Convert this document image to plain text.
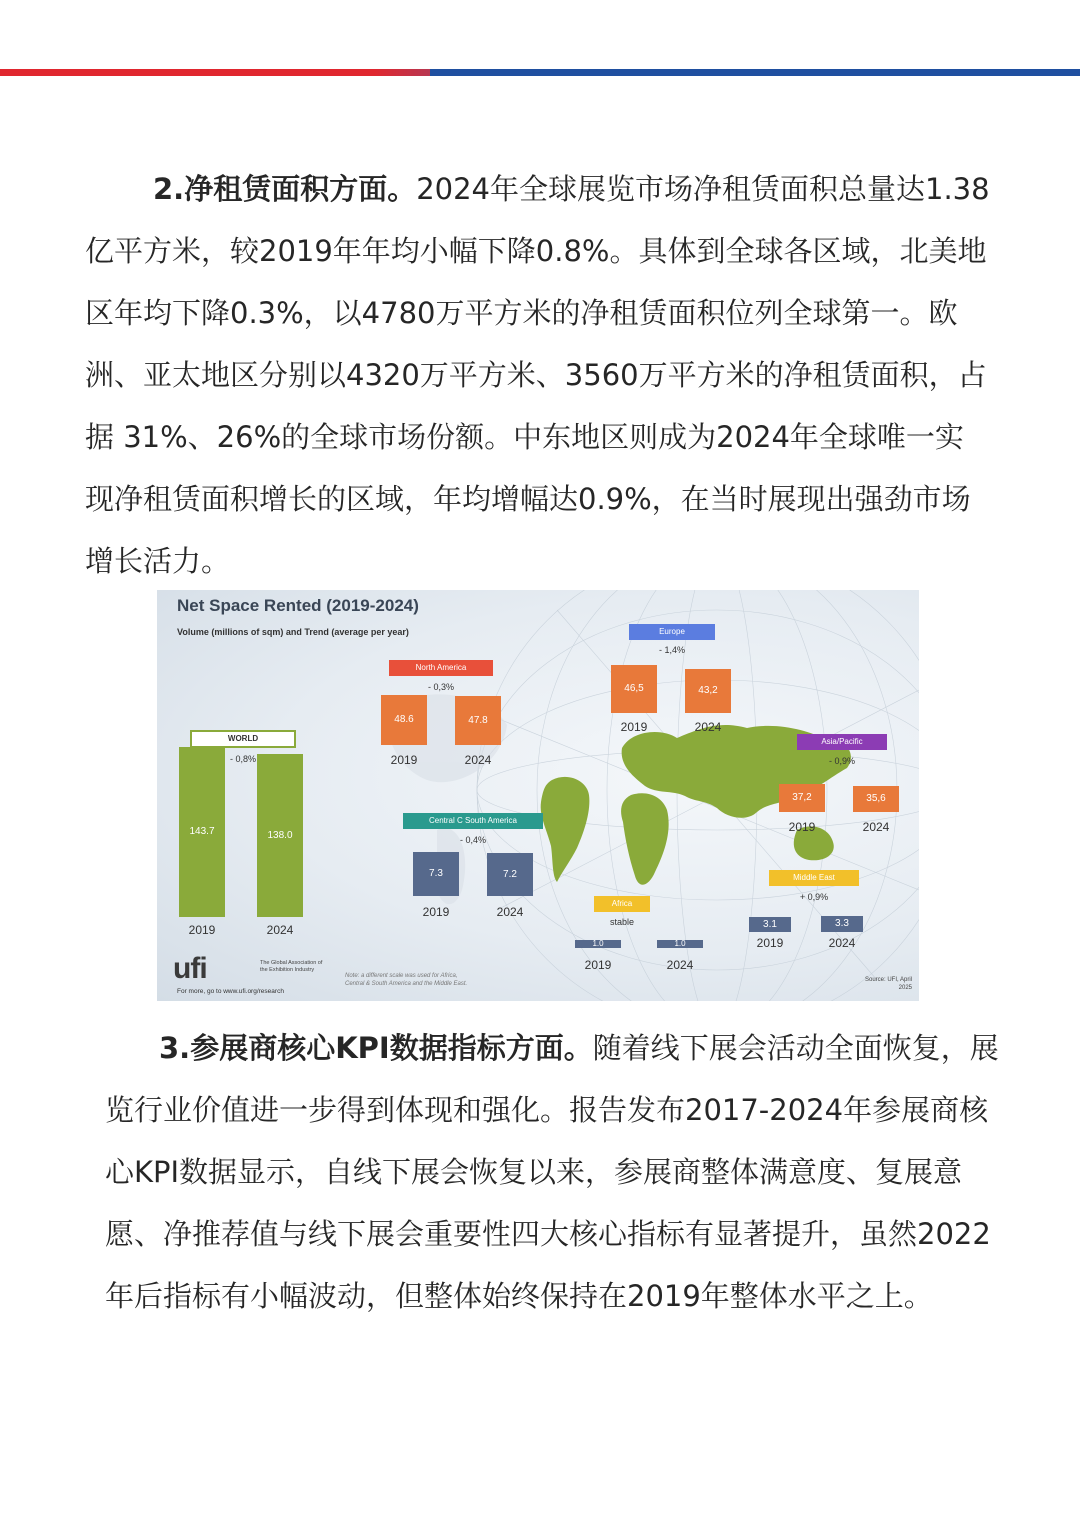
2.净租赁面积方面。2024年全球展览市场净租赁面积总量达1.38亿平方米，较2019年年均小幅下降0.8%。具体到全球各区域，北美地区年均下降0.3%，以4780万平方米的净租赁面积位列全球第一。欧洲、亚太地区分别以4320万平方米、3560万平方米的净租赁面积，占据 31%、26%的全球市场份额。中东地区则成为2024年全球唯一实现净租赁面积增长的区域，年均增幅达0.9%，在当时展现出强劲市场增长活力。

Net Space Rented (2019-2024)
Volume (millions of sqm) and Trend (average per year)
WORLD
- 0,8%
143.7
2019
138.0
2024
North America
- 0,3%
48.6
2019
47.8
2024
Europe
- 1,4%
46,5
2019
43,2
2024
Asia/Pacific
- 0,9%
37,2
2019
35,6
2024
Central C South America
- 0,4%
7.3
2019
7.2
2024
Middle East
+ 0,9%
3.1
2019
3.3
2024
Africa
stable
1.0
2019
1.0
2024
ufi	The Global Association of the Exhibition Industry
For more, go to www.ufi.org/research
Note: a different scale was used for Africa, Central & South America and the Middle East.
Source: UFI, April 2025

3.参展商核心KPI数据指标方面。随着线下展会活动全面恢复，展览行业价值进一步得到体现和强化。报告发布2017-2024年参展商核心KPI数据显示，自线下展会恢复以来，参展商整体满意度、复展意愿、净推荐值与线下展会重要性四大核心指标有显著提升，虽然2022年后指标有小幅波动，但整体始终保持在2019年整体水平之上。
